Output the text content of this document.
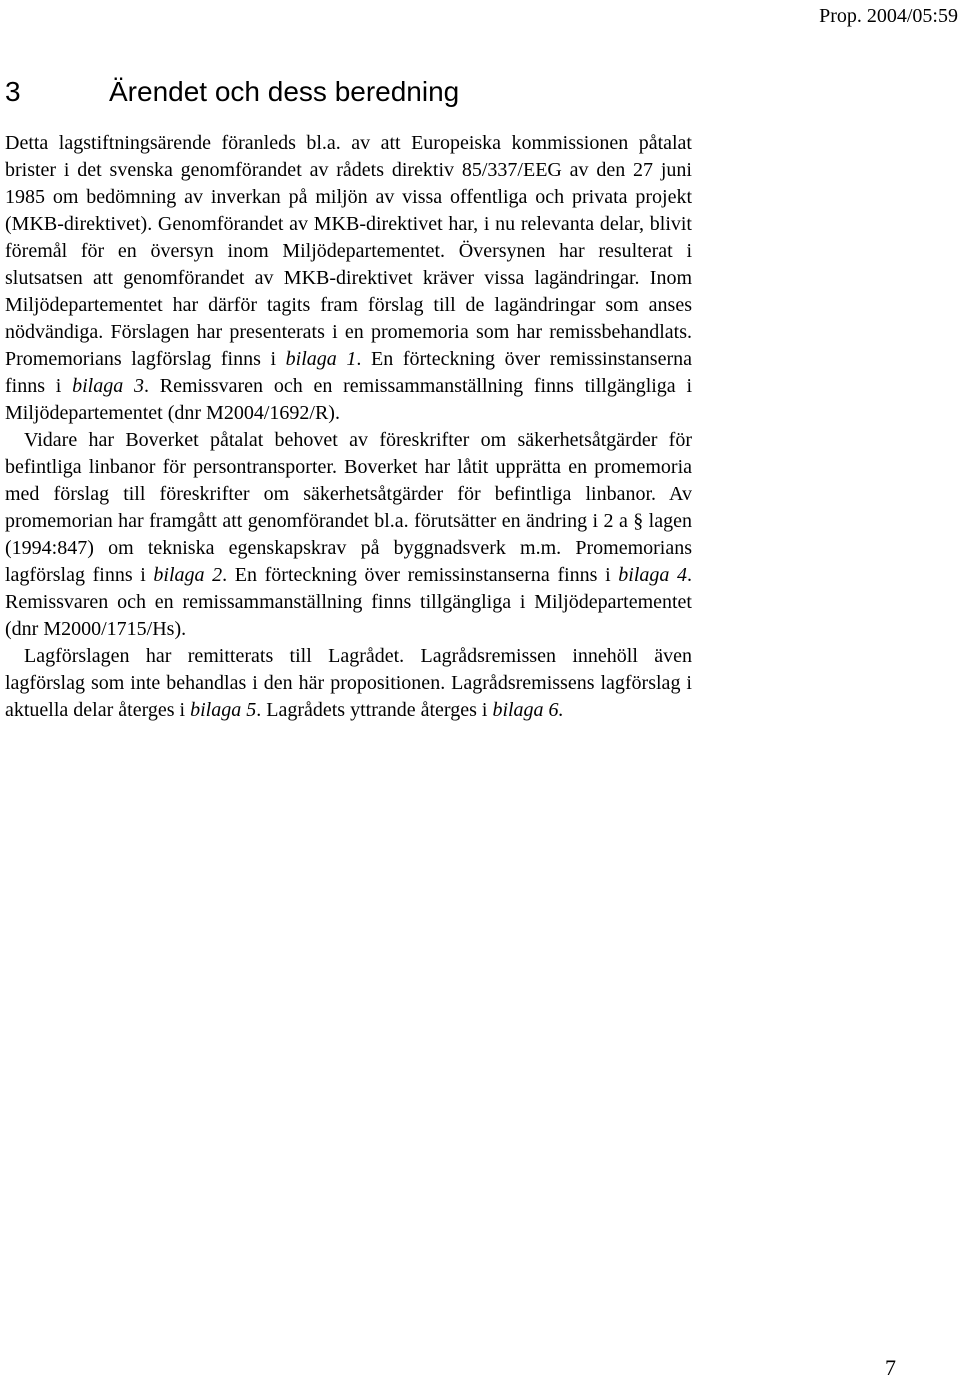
Prop. 2004/05:59
3	Ärendet och dess beredning

Detta lagstiftningsärende föranleds bl.a. av att Europeiska kommissionen påtalat brister i det svenska genomförandet av rådets direktiv 85/337/EEG av den 27 juni 1985 om bedömning av inverkan på miljön av vissa offentliga och privata projekt (MKB-direktivet). Genomförandet av MKB-direktivet har, i nu relevanta delar, blivit föremål för en översyn inom Miljödepartementet. Översynen har resulterat i slutsatsen att genomförandet av MKB-direktivet kräver vissa lagändringar. Inom Miljödepartementet har därför tagits fram förslag till de lagändringar som anses nödvändiga. Förslagen har presenterats i en promemoria som har remissbehandlats. Promemorians lagförslag finns i bilaga 1. En förteckning över remissinstanserna finns i bilaga 3. Remissvaren och en remissammanställning finns tillgängliga i Miljödepartementet (dnr M2004/1692/R).

Vidare har Boverket påtalat behovet av föreskrifter om säkerhetsåtgärder för befintliga linbanor för persontransporter. Boverket har låtit upprätta en promemoria med förslag till föreskrifter om säkerhetsåtgärder för befintliga linbanor. Av promemorian har framgått att genomförandet bl.a. förutsätter en ändring i 2 a § lagen (1994:847) om tekniska egenskapskrav på byggnadsverk m.m. Promemorians lagförslag finns i bilaga 2. En förteckning över remissinstanserna finns i bilaga 4. Remissvaren och en remissammanställning finns tillgängliga i Miljödepartementet (dnr M2000/1715/Hs).

Lagförslagen har remitterats till Lagrådet. Lagrådsremissen innehöll även lagförslag som inte behandlas i den här propositionen. Lagrådsremissens lagförslag i aktuella delar återges i bilaga 5. Lagrådets yttrande återges i bilaga 6.

7
